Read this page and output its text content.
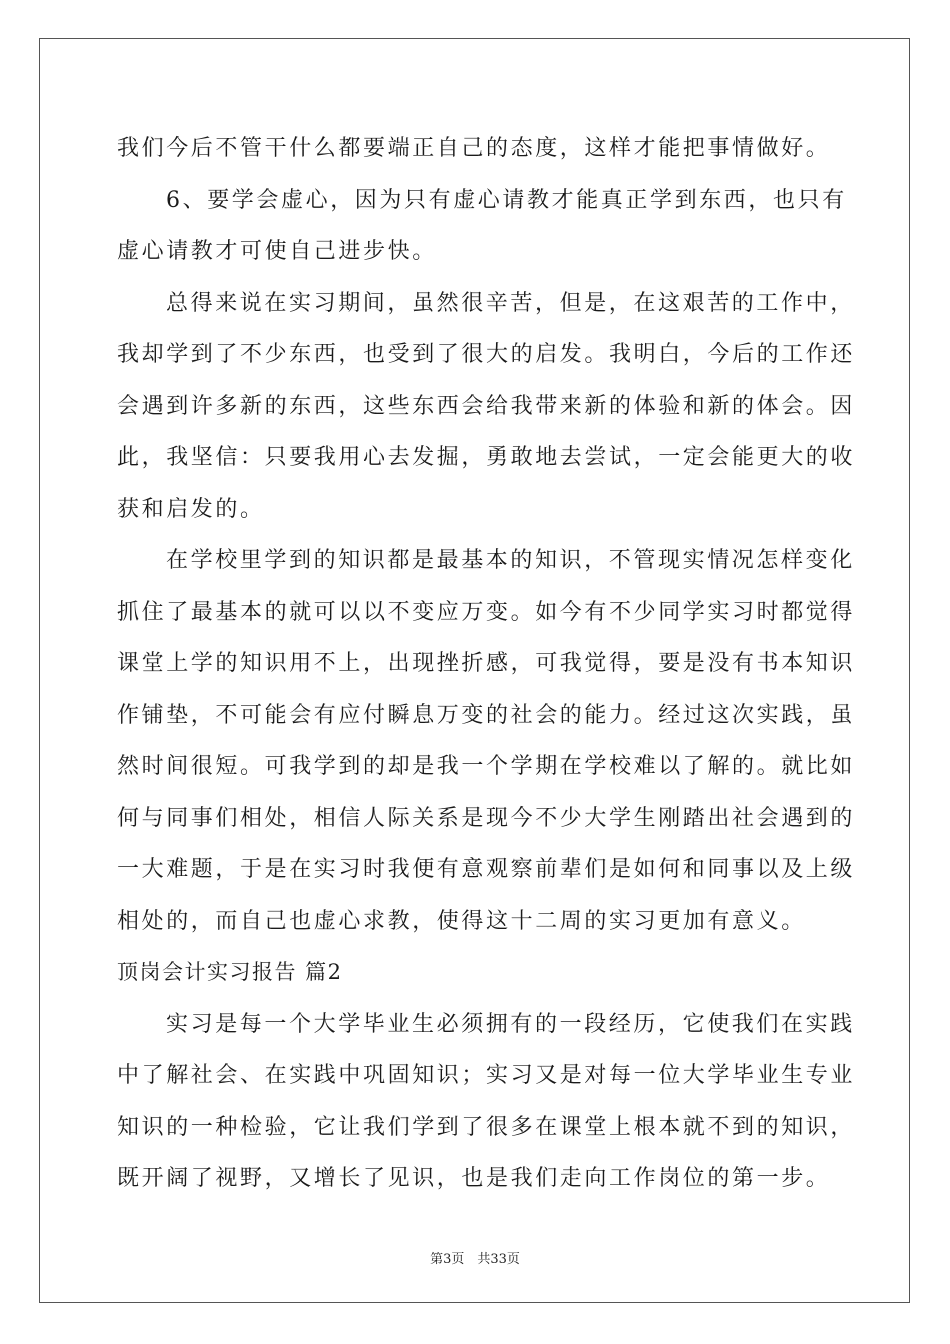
我们今后不管干什么都要端正自己的态度，这样才能把事情做好。
6、要学会虚心，因为只有虚心请教才能真正学到东西，也只有
虚心请教才可使自己进步快。
总得来说在实习期间，虽然很辛苦，但是，在这艰苦的工作中，
我却学到了不少东西，也受到了很大的启发。我明白，今后的工作还
会遇到许多新的东西，这些东西会给我带来新的体验和新的体会。因
此，我坚信：只要我用心去发掘，勇敢地去尝试，一定会能更大的收
获和启发的。
在学校里学到的知识都是最基本的知识，不管现实情况怎样变化
抓住了最基本的就可以以不变应万变。如今有不少同学实习时都觉得
课堂上学的知识用不上，出现挫折感，可我觉得，要是没有书本知识
作铺垫，不可能会有应付瞬息万变的社会的能力。经过这次实践，虽
然时间很短。可我学到的却是我一个学期在学校难以了解的。就比如
何与同事们相处，相信人际关系是现今不少大学生刚踏出社会遇到的
一大难题，于是在实习时我便有意观察前辈们是如何和同事以及上级
相处的，而自己也虚心求教，使得这十二周的实习更加有意义。
顶岗会计实习报告 篇2
实习是每一个大学毕业生必须拥有的一段经历，它使我们在实践
中了解社会、在实践中巩固知识；实习又是对每一位大学毕业生专业
知识的一种检验，它让我们学到了很多在课堂上根本就不到的知识，
既开阔了视野，又增长了见识，也是我们走向工作岗位的第一步。
第3页　共33页
